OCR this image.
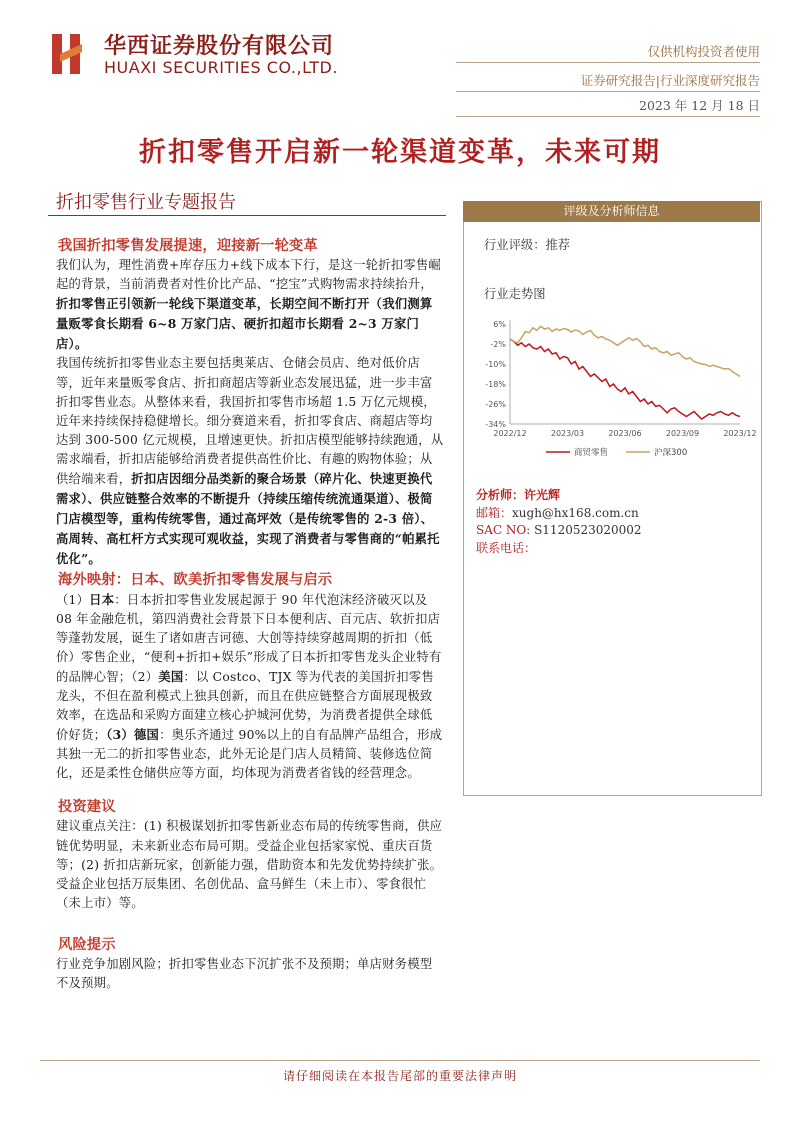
华西证券股份有限公司
HUAXI SECURITIES CO.,LTD.
仅供机构投资者使用
证券研究报告|行业深度研究报告
2023 年 12 月 18 日
折扣零售开启新一轮渠道变革，未来可期
折扣零售行业专题报告
我国折扣零售发展提速，迎接新一轮变革

我们认为，理性消费+库存压力+线下成本下行，是这一轮折扣零售崛起的背景，当前消费者对性价比产品、“挖宝”式购物需求持续抬升，折扣零售正引领新一轮线下渠道变革，长期空间不断打开（我们测算量贩零食长期看 6~8 万家门店、硬折扣超市长期看 2~3 万家门店）。

我国传统折扣零售业态主要包括奥莱店、仓储会员店、绝对低价店等，近年来量贩零食店、折扣商超店等新业态发展迅猛，进一步丰富折扣零售业态。从整体来看，我国折扣零售市场超 1.5 万亿元规模，近年来持续保持稳健增长。细分赛道来看，折扣零食店、商超店等均达到 300-500 亿元规模，且增速更快。折扣店模型能够持续跑通，从需求端看，折扣店能够给消费者提供高性价比、有趣的购物体验；从供给端来看，折扣店因细分品类新的聚合场景（碎片化、快速更换代需求）、供应链整合效率的不断提升（持续压缩传统流通渠道）、极简门店模型等，重构传统零售，通过高坪效（是传统零售的 2-3 倍）、高周转、高杠杆方式实现可观收益，实现了消费者与零售商的“帕累托优化”。

海外映射：日本、欧美折扣零售发展与启示

（1）日本：日本折扣零售业发展起源于 90 年代泡沫经济破灭以及 08 年金融危机，第四消费社会背景下日本便利店、百元店、软折扣店等蓬勃发展，诞生了诸如唐吉诃德、大创等持续穿越周期的折扣（低价）零售企业，“便利+折扣+娱乐”形成了日本折扣零售龙头企业特有的品牌心智；（2）美国：以 Costco、TJX 等为代表的美国折扣零售龙头，不但在盈利模式上独具创新，而且在供应链整合方面展现极致效率，在选品和采购方面建立核心护城河优势，为消费者提供全球低价好货；（3）德国：奥乐齐通过 90%以上的自有品牌产品组合，形成其独一无二的折扣零售业态，此外无论是门店人员精简、装修选位简化，还是柔性仓储供应等方面，均体现为消费者省钱的经营理念。

投资建议

建议重点关注：(1) 积极谋划折扣零售新业态布局的传统零售商，供应链优势明显，未来新业态布局可期。受益企业包括家家悦、重庆百货等；(2) 折扣店新玩家，创新能力强，借助资本和先发优势持续扩张。受益企业包括万辰集团、名创优品、盒马鲜生（未上市）、零食很忙（未上市）等。

风险提示

行业竞争加剧风险；折扣零售业态下沉扩张不及预期；单店财务模型不及预期。

评级及分析师信息
行业评级：推荐
行业走势图
6%
-2%
-10%
-18%
-26%
-34%
2022/12	2023/03	2023/06	2023/09	2023/12
商贸零售	沪深300
分析师：许光辉
邮箱：xugh@hx168.com.cn
SAC NO: S1120523020002
联系电话：
请仔细阅读在本报告尾部的重要法律声明
